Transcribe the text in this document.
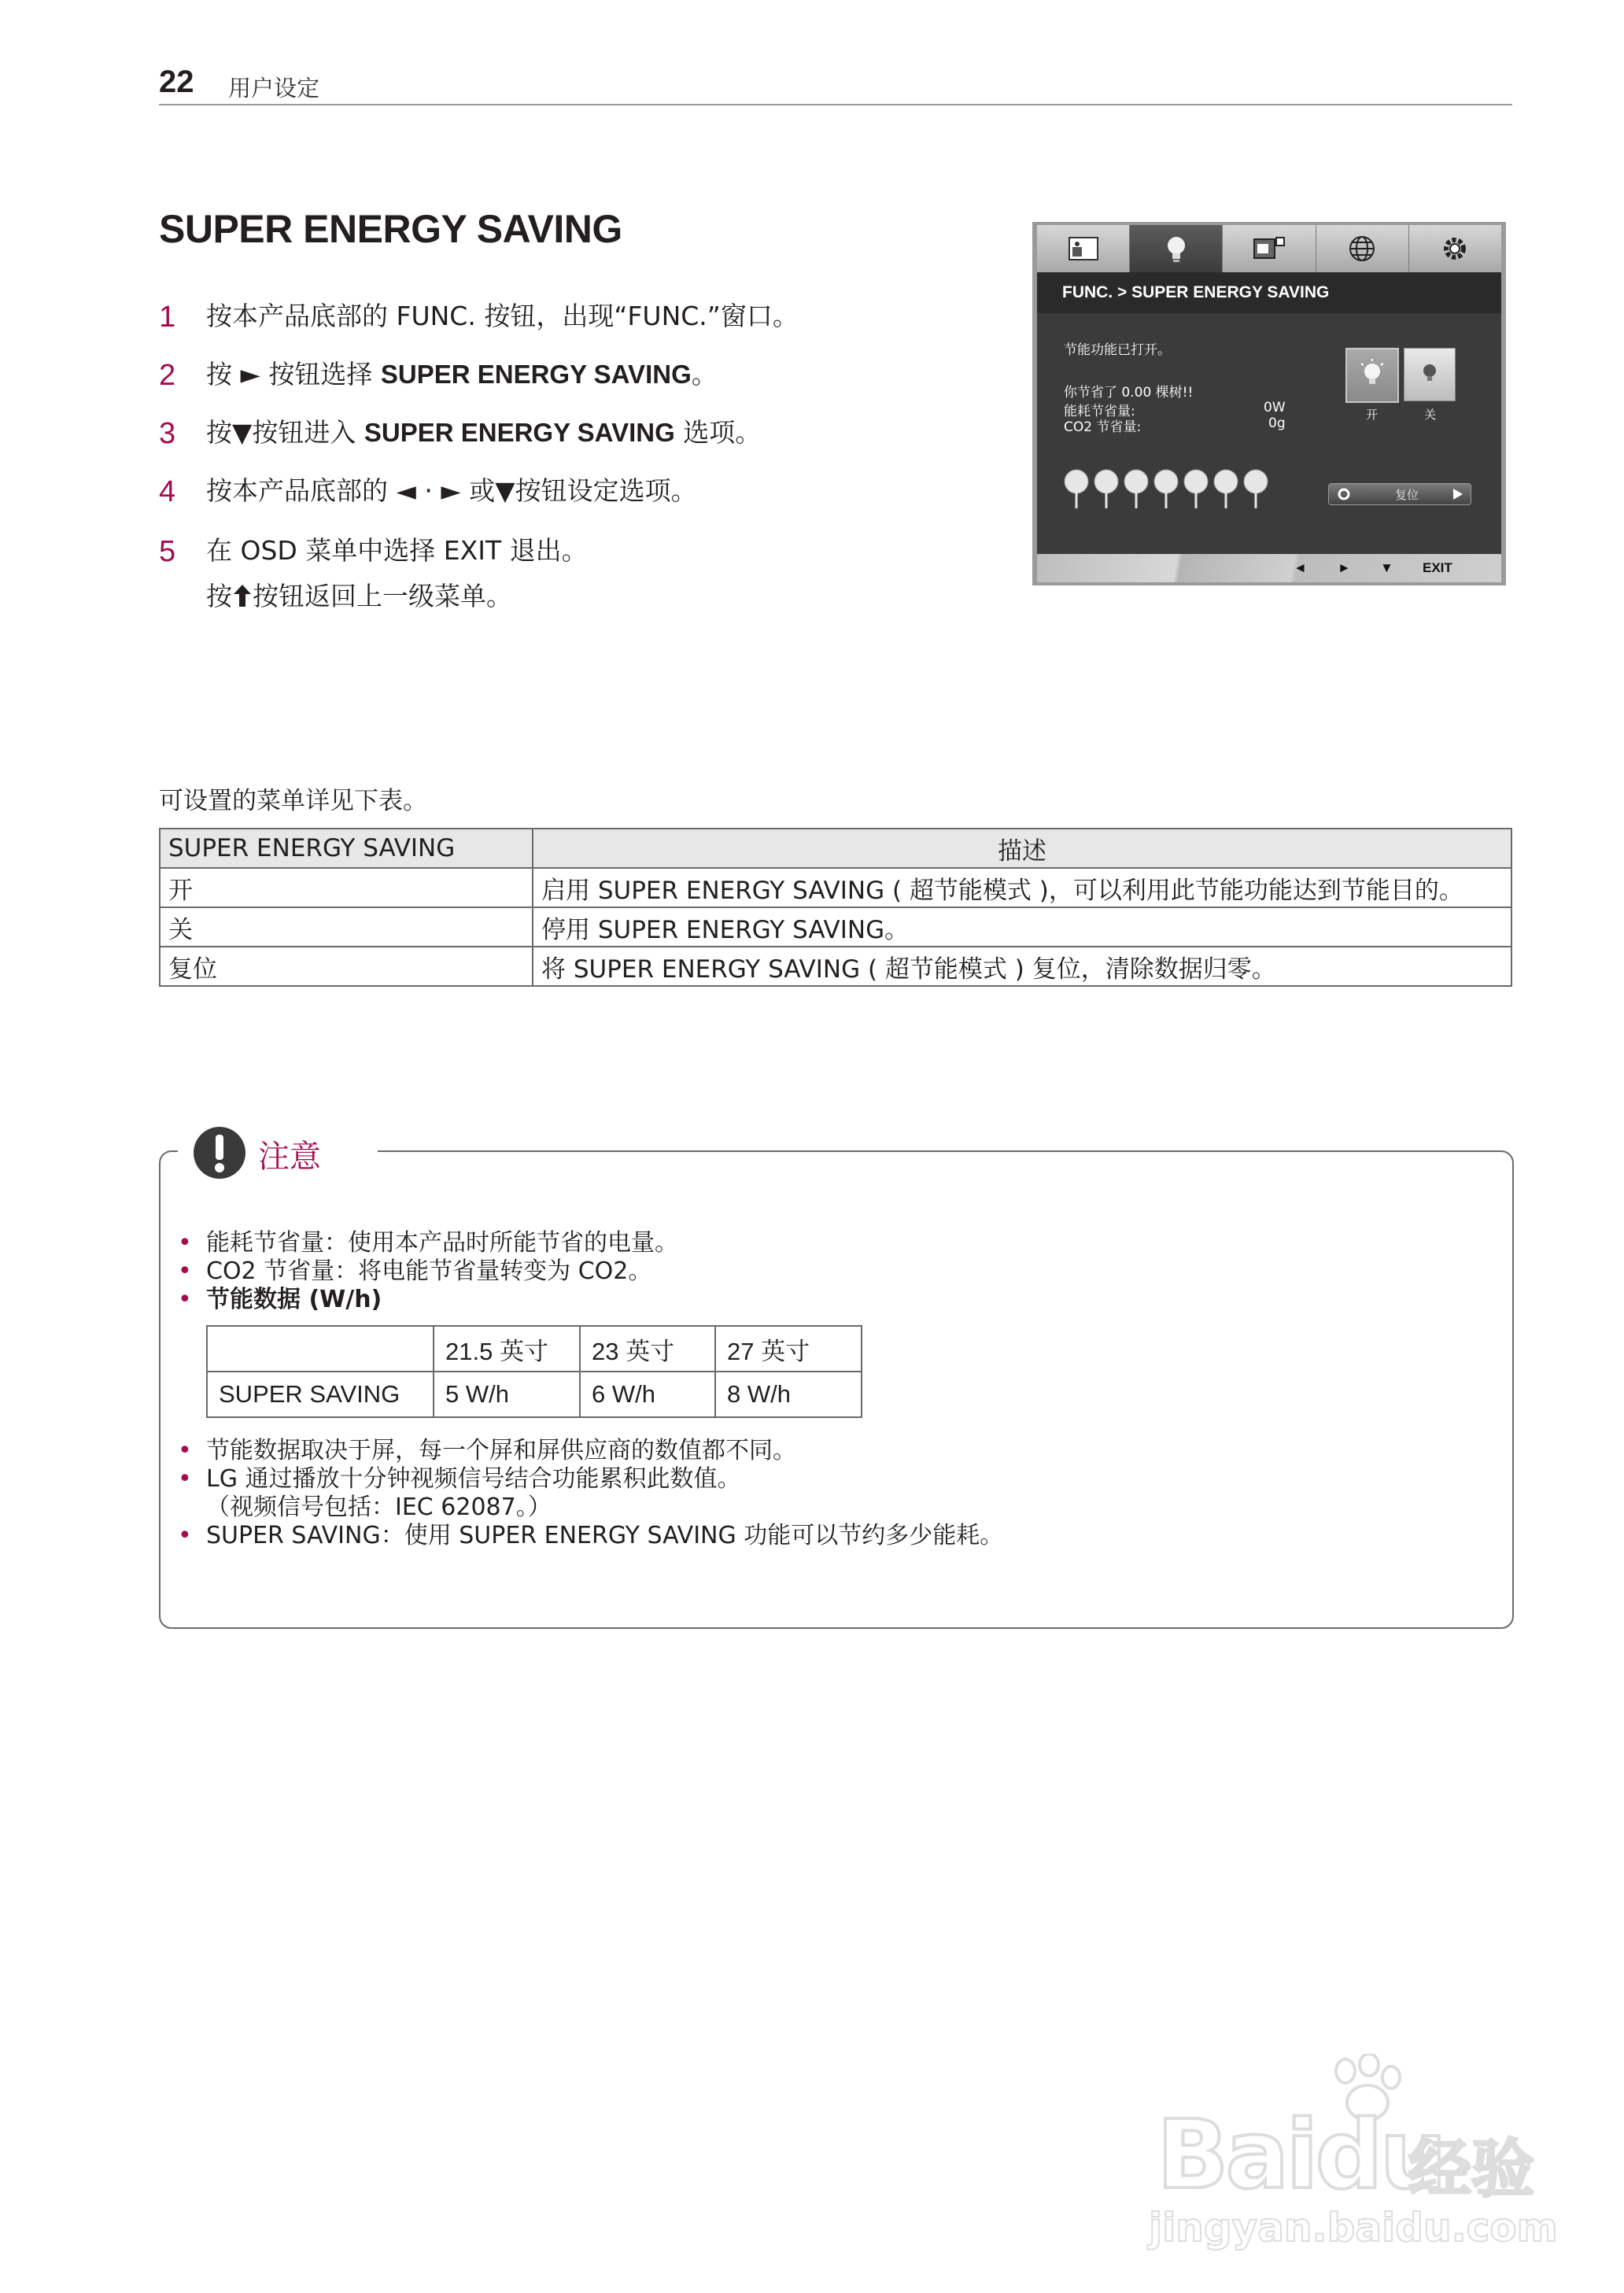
22 用户设定
SUPER ENERGY SAVING
1	按本产品底部的 FUNC. 按钮，出现“FUNC.”窗口。
2	按 ► 按钮选择 SUPER ENERGY SAVING。
3	按▼按钮进入 SUPER ENERGY SAVING 选项。
4	按本产品底部的 ◄ · ► 或▼按钮设定选项。
5	在 OSD 菜单中选择 EXIT 退出。
按 按钮返回上一级菜单。
FUNC. > SUPER ENERGY SAVING
节能功能已打开。
你节省了 0.00 棵树!!
能耗节省量:	0W
CO2 节省量:	0g
开	关
复位
◄ ► ▼ EXIT
可设置的菜单详见下表。
SUPER ENERGY SAVING	描述
开	启用 SUPER ENERGY SAVING ( 超节能模式 )，可以利用此节能功能达到节能目的。
关	停用 SUPER ENERGY SAVING。
复位	将 SUPER ENERGY SAVING ( 超节能模式 ) 复位，清除数据归零。
注意
• 能耗节省量：使用本产品时所能节省的电量。
• CO2 节省量：将电能节省量转变为 CO2。
• 节能数据 (W/h)
	21.5 英寸	23 英寸	27 英寸
SUPER SAVING	5 W/h	6 W/h	8 W/h
• 节能数据取决于屏，每一个屏和屏供应商的数值都不同。
• LG 通过播放十分钟视频信号结合功能累积此数值。
（视频信号包括：IEC 62087。）
• SUPER SAVING：使用 SUPER ENERGY SAVING 功能可以节约多少能耗。
Baidu
经验
jingyan.baidu.com
